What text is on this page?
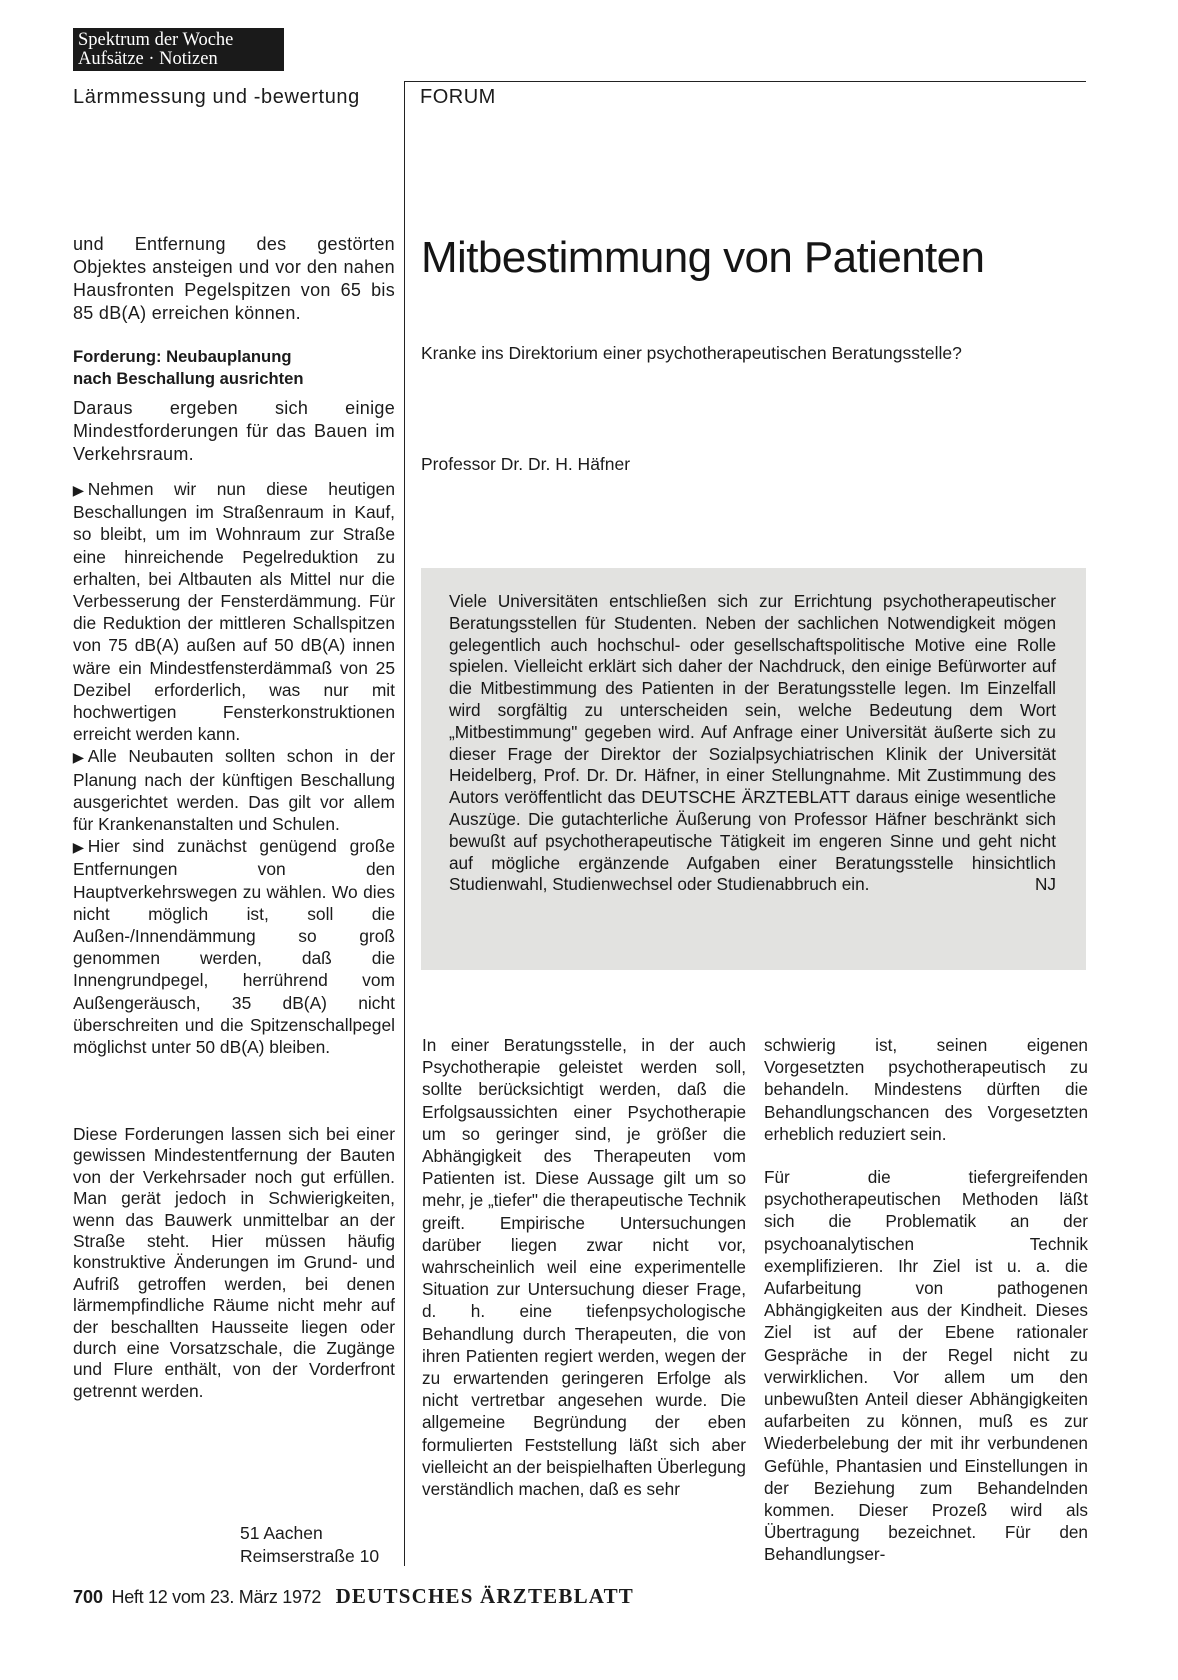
Spektrum der Woche
Aufsätze · Notizen
Lärmmessung und -bewertung	FORUM

und Entfernung des gestörten Objektes ansteigen und vor den nahen Hausfronten Pegelspitzen von 65 bis 85 dB(A) erreichen können.

Forderung: Neubauplanung
nach Beschallung ausrichten

Daraus ergeben sich einige Mindestforderungen für das Bauen im Verkehrsraum.

▶ Nehmen wir nun diese heutigen Beschallungen im Straßenraum in Kauf, so bleibt, um im Wohnraum zur Straße eine hinreichende Pegelreduktion zu erhalten, bei Altbauten als Mittel nur die Verbesserung der Fensterdämmung. Für die Reduktion der mittleren Schallspitzen von 75 dB(A) außen auf 50 dB(A) innen wäre ein Mindestfensterdämmaß von 25 Dezibel erforderlich, was nur mit hochwertigen Fensterkonstruktionen erreicht werden kann.

▶ Alle Neubauten sollten schon in der Planung nach der künftigen Beschallung ausgerichtet werden. Das gilt vor allem für Krankenanstalten und Schulen.

▶ Hier sind zunächst genügend große Entfernungen von den Hauptverkehrswegen zu wählen. Wo dies nicht möglich ist, soll die Außen-/Innendämmung so groß genommen werden, daß die Innengrundpegel, herrührend vom Außengeräusch, 35 dB(A) nicht überschreiten und die Spitzenschallpegel möglichst unter 50 dB(A) bleiben.

Diese Forderungen lassen sich bei einer gewissen Mindestentfernung der Bauten von der Verkehrsader noch gut erfüllen. Man gerät jedoch in Schwierigkeiten, wenn das Bauwerk unmittelbar an der Straße steht. Hier müssen häufig konstruktive Änderungen im Grund- und Aufriß getroffen werden, bei denen lärmempfindliche Räume nicht mehr auf der beschallten Hausseite liegen oder durch eine Vorsatzschale, die Zugänge und Flure enthält, von der Vorderfront getrennt werden.

51 Aachen
Reimserstraße 10
Mitbestimmung von Patienten
Kranke ins Direktorium einer psychotherapeutischen Beratungsstelle?
Professor Dr. Dr. H. Häfner

Viele Universitäten entschließen sich zur Errichtung psychotherapeutischer Beratungsstellen für Studenten. Neben der sachlichen Notwendigkeit mögen gelegentlich auch hochschul- oder gesellschaftspolitische Motive eine Rolle spielen. Vielleicht erklärt sich daher der Nachdruck, den einige Befürworter auf die Mitbestimmung des Patienten in der Beratungsstelle legen. Im Einzelfall wird sorgfältig zu unterscheiden sein, welche Bedeutung dem Wort „Mitbestimmung" gegeben wird. Auf Anfrage einer Universität äußerte sich zu dieser Frage der Direktor der Sozialpsychiatrischen Klinik der Universität Heidelberg, Prof. Dr. Dr. Häfner, in einer Stellungnahme. Mit Zustimmung des Autors veröffentlicht das DEUTSCHE ÄRZTEBLATT daraus einige wesentliche Auszüge. Die gutachterliche Äußerung von Professor Häfner beschränkt sich bewußt auf psychotherapeutische Tätigkeit im engeren Sinne und geht nicht auf mögliche ergänzende Aufgaben einer Beratungsstelle hinsichtlich Studienwahl, Studienwechsel oder Studienabbruch ein.	NJ

In einer Beratungsstelle, in der auch Psychotherapie geleistet werden soll, sollte berücksichtigt werden, daß die Erfolgsaussichten einer Psychotherapie um so geringer sind, je größer die Abhängigkeit des Therapeuten vom Patienten ist. Diese Aussage gilt um so mehr, je „tiefer" die therapeutische Technik greift. Empirische Untersuchungen darüber liegen zwar nicht vor, wahrscheinlich weil eine experimentelle Situation zur Untersuchung dieser Frage, d. h. eine tiefenpsychologische Behandlung durch Therapeuten, die von ihren Patienten regiert werden, wegen der zu erwartenden geringeren Erfolge als nicht vertretbar angesehen wurde. Die allgemeine Begründung der eben formulierten Feststellung läßt sich aber vielleicht an der beispielhaften Überlegung verständlich machen, daß es sehr

schwierig ist, seinen eigenen Vorgesetzten psychotherapeutisch zu behandeln. Mindestens dürften die Behandlungschancen des Vorgesetzten erheblich reduziert sein.

Für die tiefergreifenden psychotherapeutischen Methoden läßt sich die Problematik an der psychoanalytischen Technik exemplifizieren. Ihr Ziel ist u. a. die Aufarbeitung von pathogenen Abhängigkeiten aus der Kindheit. Dieses Ziel ist auf der Ebene rationaler Gespräche in der Regel nicht zu verwirklichen. Vor allem um den unbewußten Anteil dieser Abhängigkeiten aufarbeiten zu können, muß es zur Wiederbelebung der mit ihr verbundenen Gefühle, Phantasien und Einstellungen in der Beziehung zum Behandelnden kommen. Dieser Prozeß wird als Übertragung bezeichnet. Für den Behandlungser-

700 Heft 12 vom 23. März 1972 DEUTSCHES ÄRZTEBLATT
